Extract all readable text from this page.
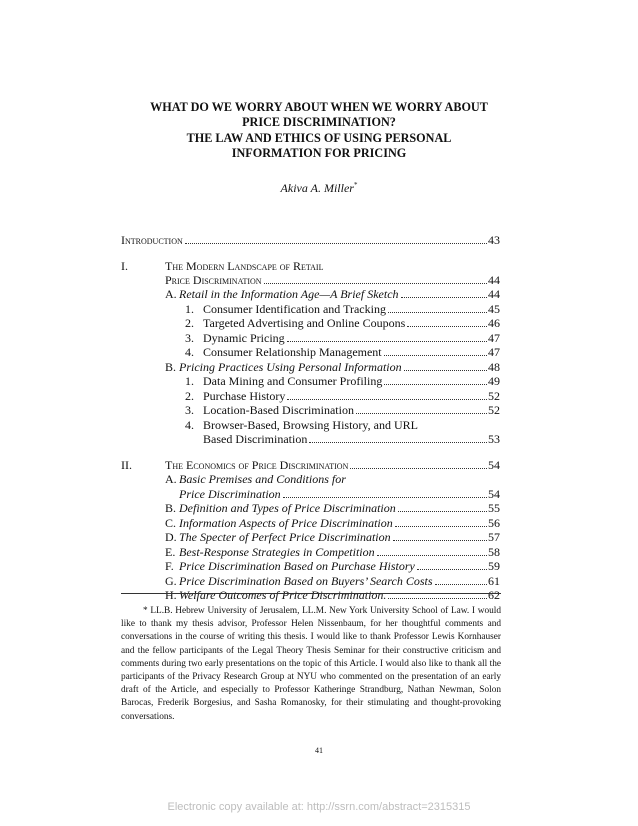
WHAT DO WE WORRY ABOUT WHEN WE WORRY ABOUT
PRICE DISCRIMINATION?
THE LAW AND ETHICS OF USING PERSONAL
INFORMATION FOR PRICING
Akiva A. Miller*
Introduction	43
I.	The Modern Landscape of Retail
Price Discrimination	44
A. Retail in the Information Age—A Brief Sketch	44
1. Consumer Identification and Tracking	45
2. Targeted Advertising and Online Coupons	46
3. Dynamic Pricing	47
4. Consumer Relationship Management	47
B. Pricing Practices Using Personal Information	48
1. Data Mining and Consumer Profiling	49
2. Purchase History	52
3. Location-Based Discrimination	52
4. Browser-Based, Browsing History, and URL
Based Discrimination	53
II.	The Economics of Price Discrimination	54
A. Basic Premises and Conditions for
Price Discrimination	54
B. Definition and Types of Price Discrimination	55
C. Information Aspects of Price Discrimination	56
D. The Specter of Perfect Price Discrimination	57
E. Best-Response Strategies in Competition	58
F. Price Discrimination Based on Purchase History	59
G. Price Discrimination Based on Buyers’ Search Costs	61
H. Welfare Outcomes of Price Discrimination.	62

* LL.B. Hebrew University of Jerusalem, LL.M. New York University School of Law. I would like to thank my thesis advisor, Professor Helen Nissenbaum, for her thoughtful comments and conversations in the course of writing this thesis. I would like to thank Professor Lewis Kornhauser and the fellow participants of the Legal Theory Thesis Seminar for their constructive criticism and comments during two early presentations on the topic of this Article. I would also like to thank all the participants of the Privacy Research Group at NYU who commented on the presentation of an early draft of the Article, and especially to Professor Katheringe Strandburg, Nathan Newman, Solon Barocas, Frederik Borgesius, and Sasha Romanosky, for their stimulating and thought-provoking conversations.

41
Electronic copy available at: http://ssrn.com/abstract=2315315
